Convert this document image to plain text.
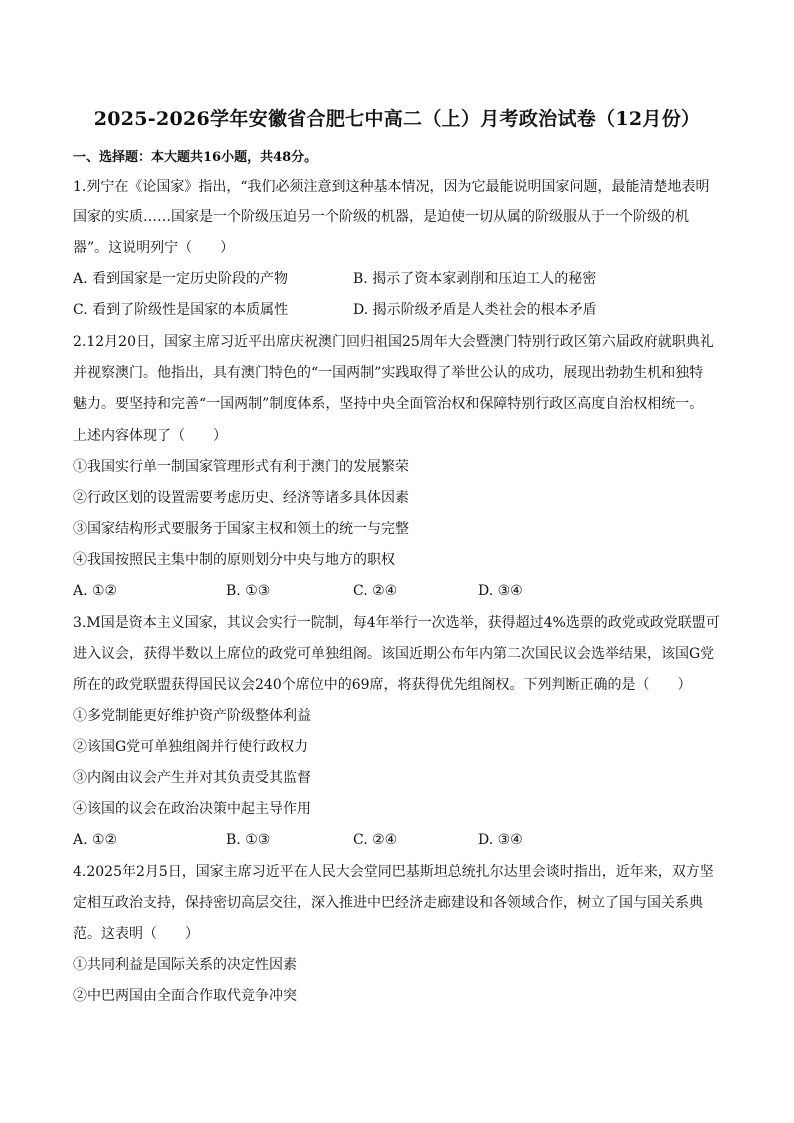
2025-2026学年安徽省合肥七中高二（上）月考政治试卷（12月份）
一、选择题：本大题共16小题，共48分。
1.列宁在《论国家》指出，“我们必须注意到这种基本情况，因为它最能说明国家问题，最能清楚地表明
国家的实质……国家是一个阶级压迫另一个阶级的机器，是迫使一切从属的阶级服从于一个阶级的机
器”。这说明列宁（　　）
A. 看到国家是一定历史阶段的产物	B. 揭示了资本家剥削和压迫工人的秘密
C. 看到了阶级性是国家的本质属性	D. 揭示阶级矛盾是人类社会的根本矛盾
2.12月20日，国家主席习近平出席庆祝澳门回归祖国25周年大会暨澳门特别行政区第六届政府就职典礼
并视察澳门。他指出，具有澳门特色的“一国两制”实践取得了举世公认的成功，展现出勃勃生机和独特
魅力。要坚持和完善“一国两制”制度体系，坚持中央全面管治权和保障特别行政区高度自治权相统一。
上述内容体现了（　　）
①我国实行单一制国家管理形式有利于澳门的发展繁荣
②行政区划的设置需要考虑历史、经济等诸多具体因素
③国家结构形式要服务于国家主权和领土的统一与完整
④我国按照民主集中制的原则划分中央与地方的职权
A. ①②	B. ①③	C. ②④	D. ③④
3.M国是资本主义国家，其议会实行一院制，每4年举行一次选举，获得超过4%选票的政党或政党联盟可
进入议会，获得半数以上席位的政党可单独组阁。该国近期公布年内第二次国民议会选举结果，该国G党
所在的政党联盟获得国民议会240个席位中的69席，将获得优先组阁权。下列判断正确的是（　　）
①多党制能更好维护资产阶级整体利益
②该国G党可单独组阁并行使行政权力
③内阁由议会产生并对其负责受其监督
④该国的议会在政治决策中起主导作用
A. ①②	B. ①③	C. ②④	D. ③④
4.2025年2月5日，国家主席习近平在人民大会堂同巴基斯坦总统扎尔达里会谈时指出，近年来，双方坚
定相互政治支持，保持密切高层交往，深入推进中巴经济走廊建设和各领域合作，树立了国与国关系典
范。这表明（　　）
①共同利益是国际关系的决定性因素
②中巴两国由全面合作取代竞争冲突
